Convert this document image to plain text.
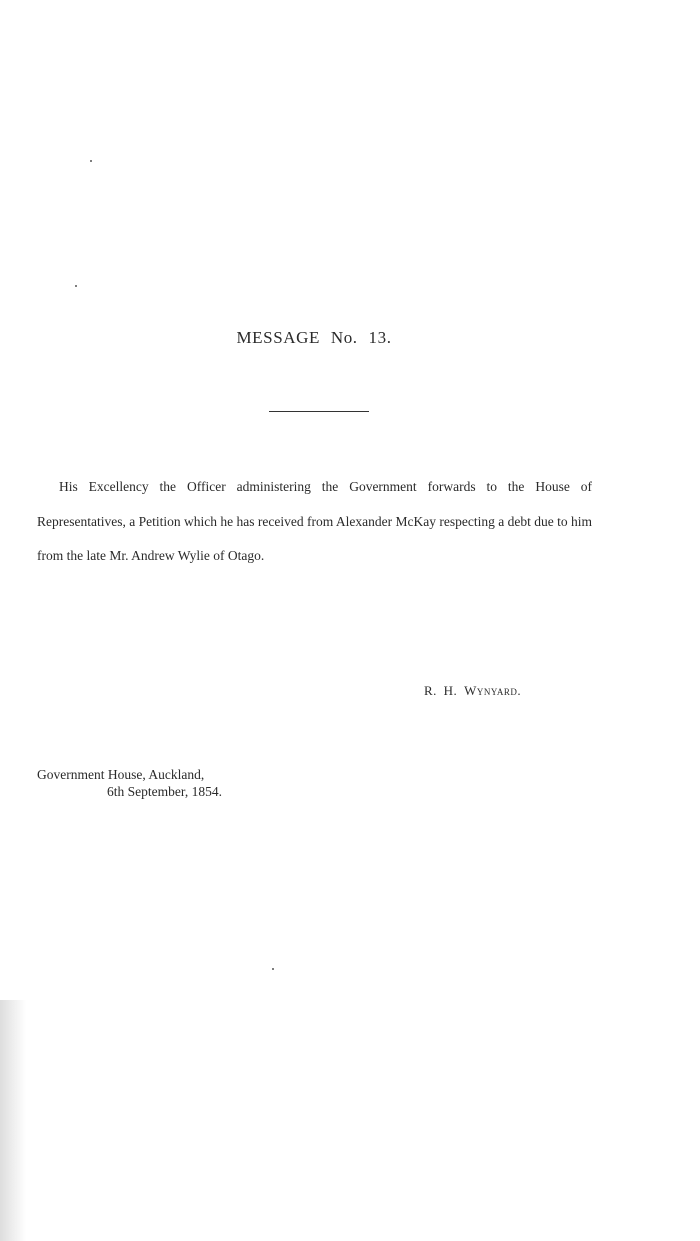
MESSAGE No. 13.

His Excellency the Officer administering the Government forwards to the House of Representatives, a Petition which he has received from Alexander McKay respecting a debt due to him from the late Mr. Andrew Wylie of Otago.

R. H. Wynyard.
Government House, Auckland,
6th September, 1854.
